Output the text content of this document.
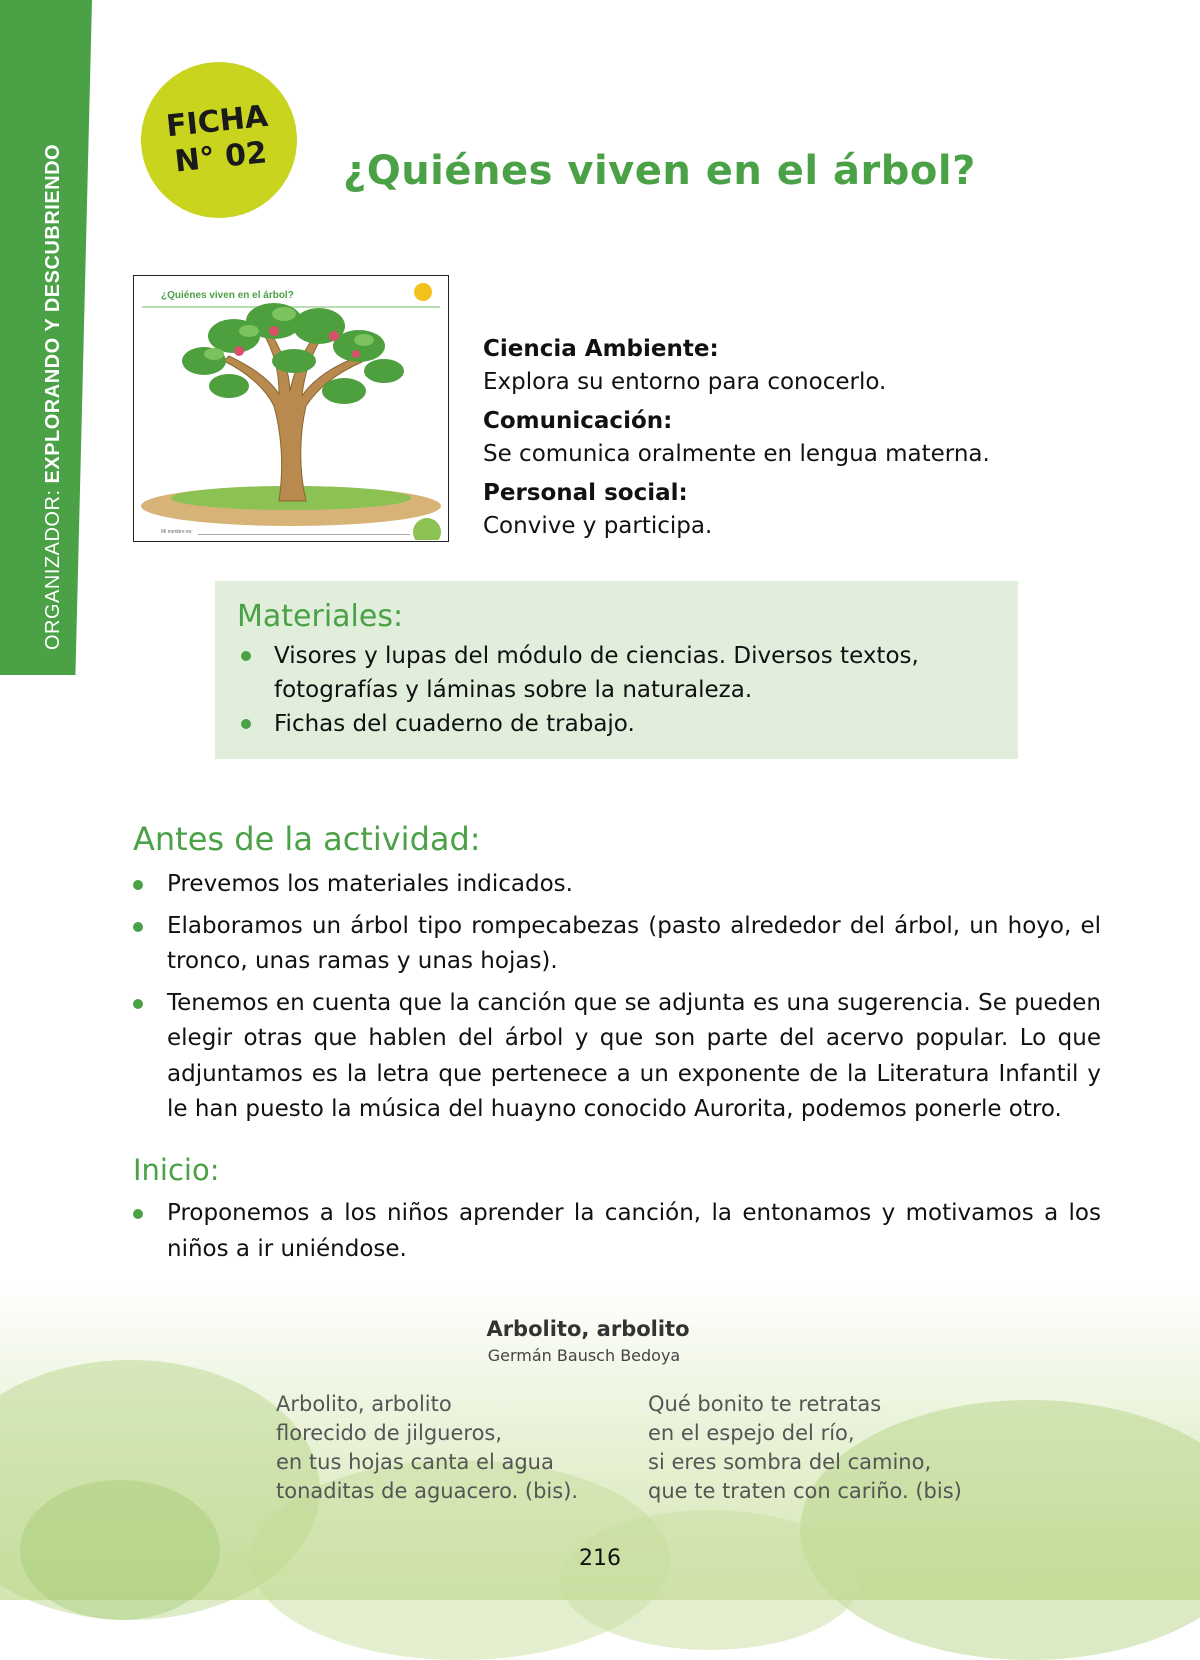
ORGANIZADOR: EXPLORANDO Y DESCUBRIENDO
FICHA
N° 02	¿Quiénes viven en el árbol?
¿Quiénes viven en el árbol?
Mi nombre es:
Ciencia Ambiente:
Explora su entorno para conocerlo.
Comunicación:
Se comunica oralmente en lengua materna.
Personal social:
Convive y participa.
Materiales:
Visores y lupas del módulo de ciencias. Diversos textos, fotografías y láminas sobre la naturaleza.
Fichas del cuaderno de trabajo.
Antes de la actividad:
Prevemos los materiales indicados.
Elaboramos un árbol tipo rompecabezas (pasto alrededor del árbol, un hoyo, el tronco, unas ramas y unas hojas).
Tenemos en cuenta que la canción que se adjunta es una sugerencia. Se pueden elegir otras que hablen del árbol y que son parte del acervo popular. Lo que adjuntamos es la letra que pertenece a un exponente de la Literatura Infantil y le han puesto la música del huayno conocido Aurorita, podemos ponerle otro.
Inicio:
Proponemos a los niños aprender la canción, la entonamos y motivamos a los niños a ir uniéndose.
Arbolito, arbolito
Germán Bausch Bedoya
Arbolito, arbolito
florecido de jilgueros,
en tus hojas canta el agua
tonaditas de aguacero. (bis).
Qué bonito te retratas
en el espejo del río,
si eres sombra del camino,
que te traten con cariño. (bis)
216
